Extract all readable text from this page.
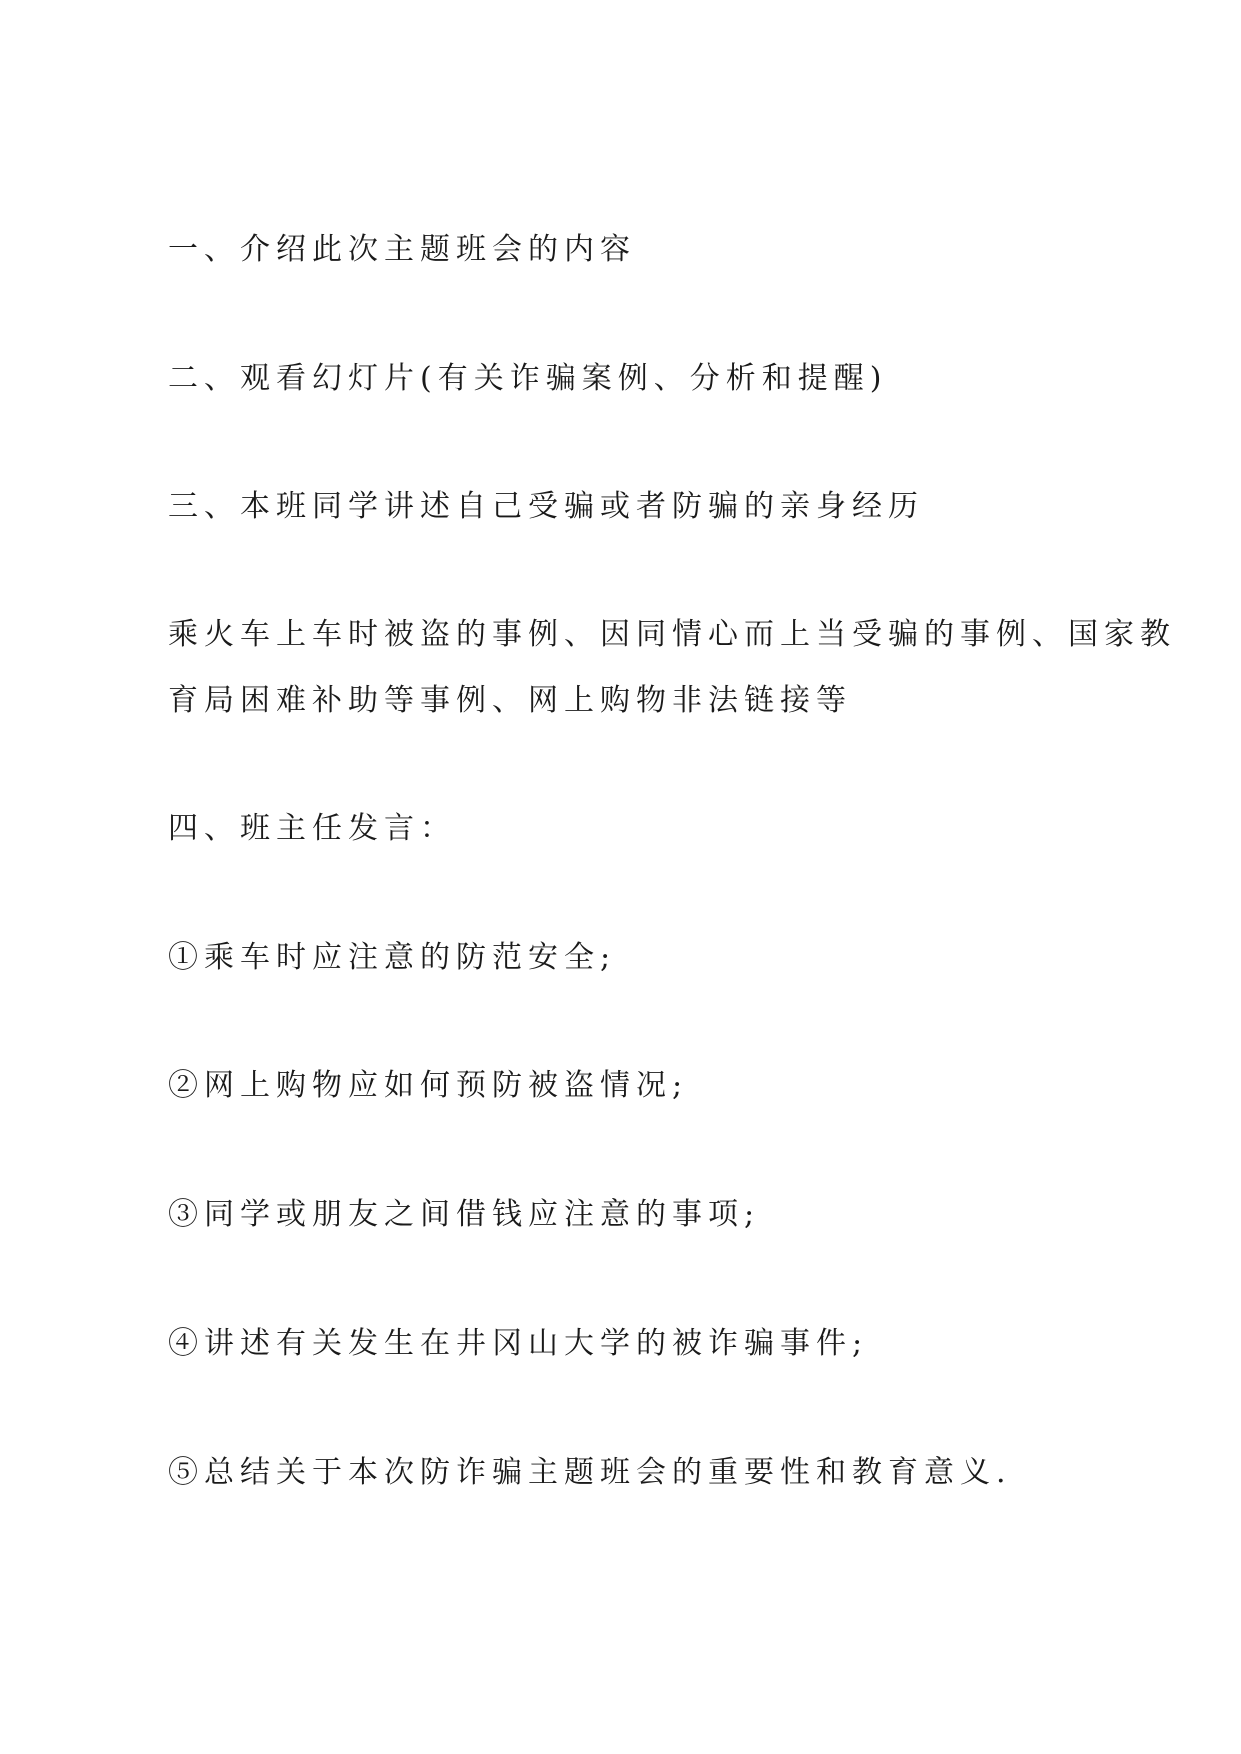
一、介绍此次主题班会的内容

二、观看幻灯片(有关诈骗案例、分析和提醒)

三、本班同学讲述自己受骗或者防骗的亲身经历

乘火车上车时被盗的事例、因同情心而上当受骗的事例、国家教
育局困难补助等事例、网上购物非法链接等

四、班主任发言：

①乘车时应注意的防范安全;

②网上购物应如何预防被盗情况;

③同学或朋友之间借钱应注意的事项;

④讲述有关发生在井冈山大学的被诈骗事件;

⑤总结关于本次防诈骗主题班会的重要性和教育意义.
